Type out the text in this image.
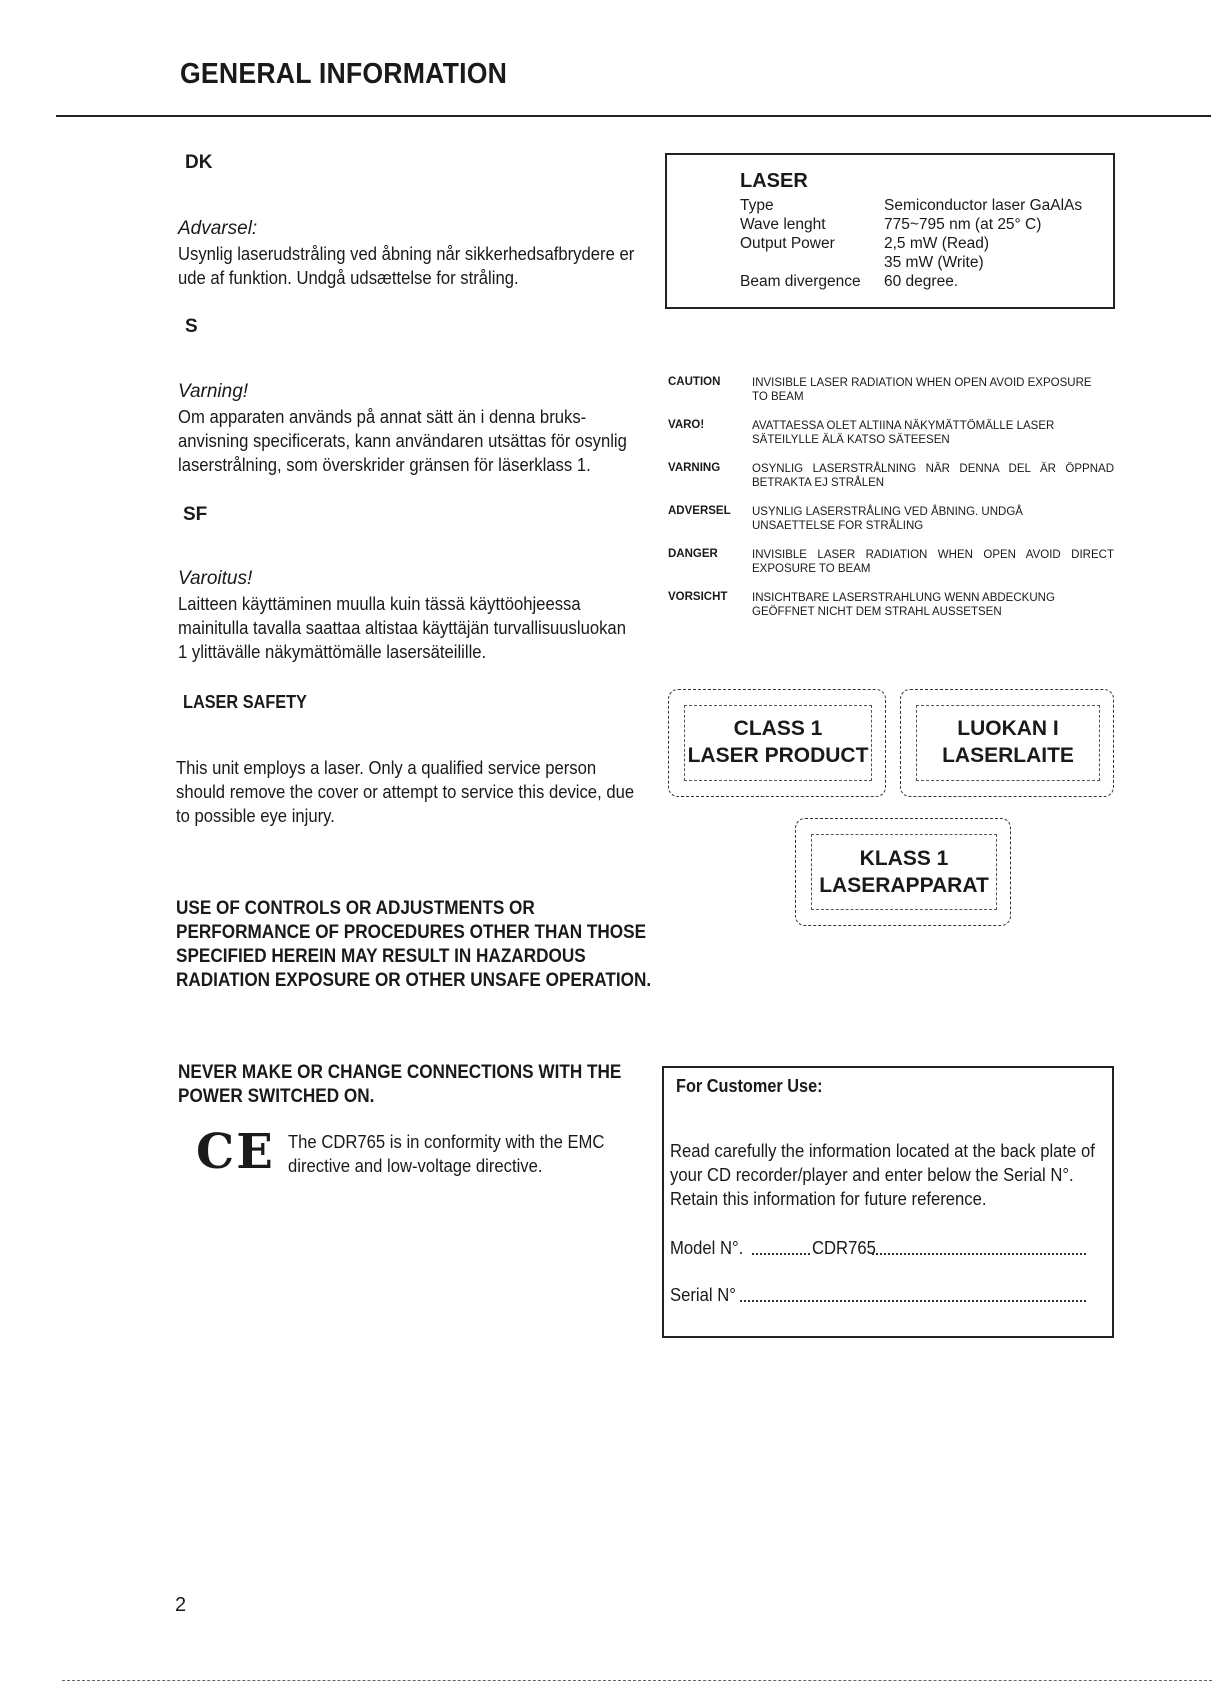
GENERAL INFORMATION
DK
Advarsel:
Usynlig laserudstråling ved åbning når sikkerhedsafbrydere er
ude af funktion. Undgå udsættelse for stråling.
S
Varning!
Om apparaten används på annat sätt än i denna bruks-
anvisning specificerats, kann användaren utsättas för osynlig
laserstrålning, som överskrider gränsen för läserklass 1.
SF
Varoitus!
Laitteen käyttäminen muulla kuin tässä käyttöohjeessa
mainitulla tavalla saattaa altistaa käyttäjän turvallisuusluokan
1 ylittävälle näkymättömälle lasersäteilille.
LASER SAFETY
This unit employs a laser. Only a qualified service person
should remove the cover or attempt to service this device, due
to possible eye injury.
USE OF CONTROLS OR ADJUSTMENTS OR
PERFORMANCE OF PROCEDURES OTHER THAN THOSE
SPECIFIED HEREIN MAY RESULT IN HAZARDOUS
RADIATION EXPOSURE OR OTHER UNSAFE OPERATION.
NEVER MAKE OR CHANGE CONNECTIONS WITH THE
POWER SWITCHED ON.
CE The CDR765 is in conformity with the EMC
directive and low-voltage directive.
LASER
Type	Semiconductor laser GaAlAs
Wave lenght	775~795 nm (at 25° C)
Output Power	2,5 mW (Read)
35 mW (Write)
Beam divergence 60 degree.
CAUTION	INVISIBLE LASER RADIATION WHEN OPEN AVOID EXPOSURE
TO BEAM
VARO!	AVATTAESSA OLET ALTIINA NÄKYMÄTTÖMÄLLE LASER
SÄTEILYLLE ÄLÄ KATSO SÄTEESEN
VARNING	OSYNLIG LASERSTRÅLNING NÄR DENNA DEL ÄR ÖPPNAD
BETRAKTA EJ STRÅLEN
ADVERSEL USYNLIG LASERSTRÅLING VED ÅBNING. UNDGÅ
UNSAETTELSE FOR STRÅLING
DANGER	INVISIBLE LASER RADIATION WHEN OPEN AVOID DIRECT
EXPOSURE TO BEAM
VORSICHT INSICHTBARE LASERSTRAHLUNG WENN ABDECKUNG
GEÖFFNET NICHT DEM STRAHL AUSSETSEN
CLASS 1
LASER PRODUCT
LUOKAN I
LASERLAITE
KLASS 1
LASERAPPARAT
For Customer Use:
Read carefully the information located at the back plate of
your CD recorder/player and enter below the Serial N°.
Retain this information for future reference.
Model N°.	CDR765
Serial N°
2
